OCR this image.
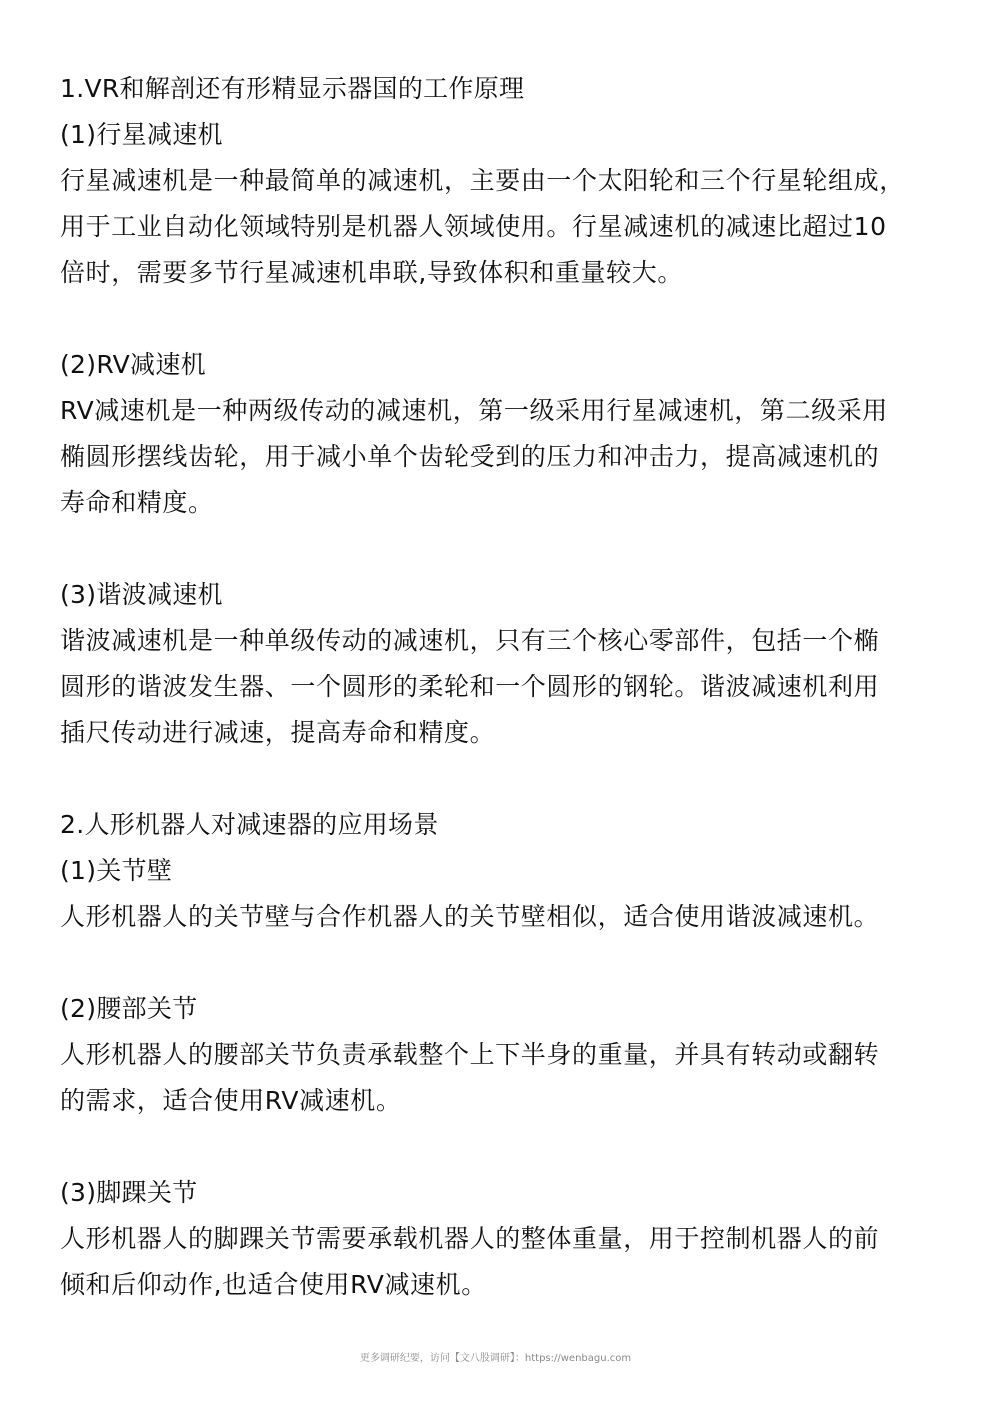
1.VR和解剖还有形精显示器国的工作原理
(1)行星减速机
行星减速机是一种最简单的减速机，主要由一个太阳轮和三个行星轮组成，
用于工业自动化领域特别是机器人领域使用。行星减速机的减速比超过10
倍时，需要多节行星减速机串联,导致体积和重量较大。
(2)RV减速机
RV减速机是一种两级传动的减速机，第一级采用行星减速机，第二级采用
椭圆形摆线齿轮，用于减小单个齿轮受到的压力和冲击力，提高减速机的
寿命和精度。
(3)谐波减速机
谐波减速机是一种单级传动的减速机，只有三个核心零部件，包括一个椭
圆形的谐波发生器、一个圆形的柔轮和一个圆形的钢轮。谐波减速机利用
插尺传动进行减速，提高寿命和精度。
2.人形机器人对减速器的应用场景
(1)关节壁
人形机器人的关节壁与合作机器人的关节壁相似，适合使用谐波减速机。
(2)腰部关节
人形机器人的腰部关节负责承载整个上下半身的重量，并具有转动或翻转
的需求，适合使用RV减速机。
(3)脚踝关节
人形机器人的脚踝关节需要承载机器人的整体重量，用于控制机器人的前
倾和后仰动作,也适合使用RV减速机。
更多调研纪要，访问【文八股调研】：https://wenbagu.com
